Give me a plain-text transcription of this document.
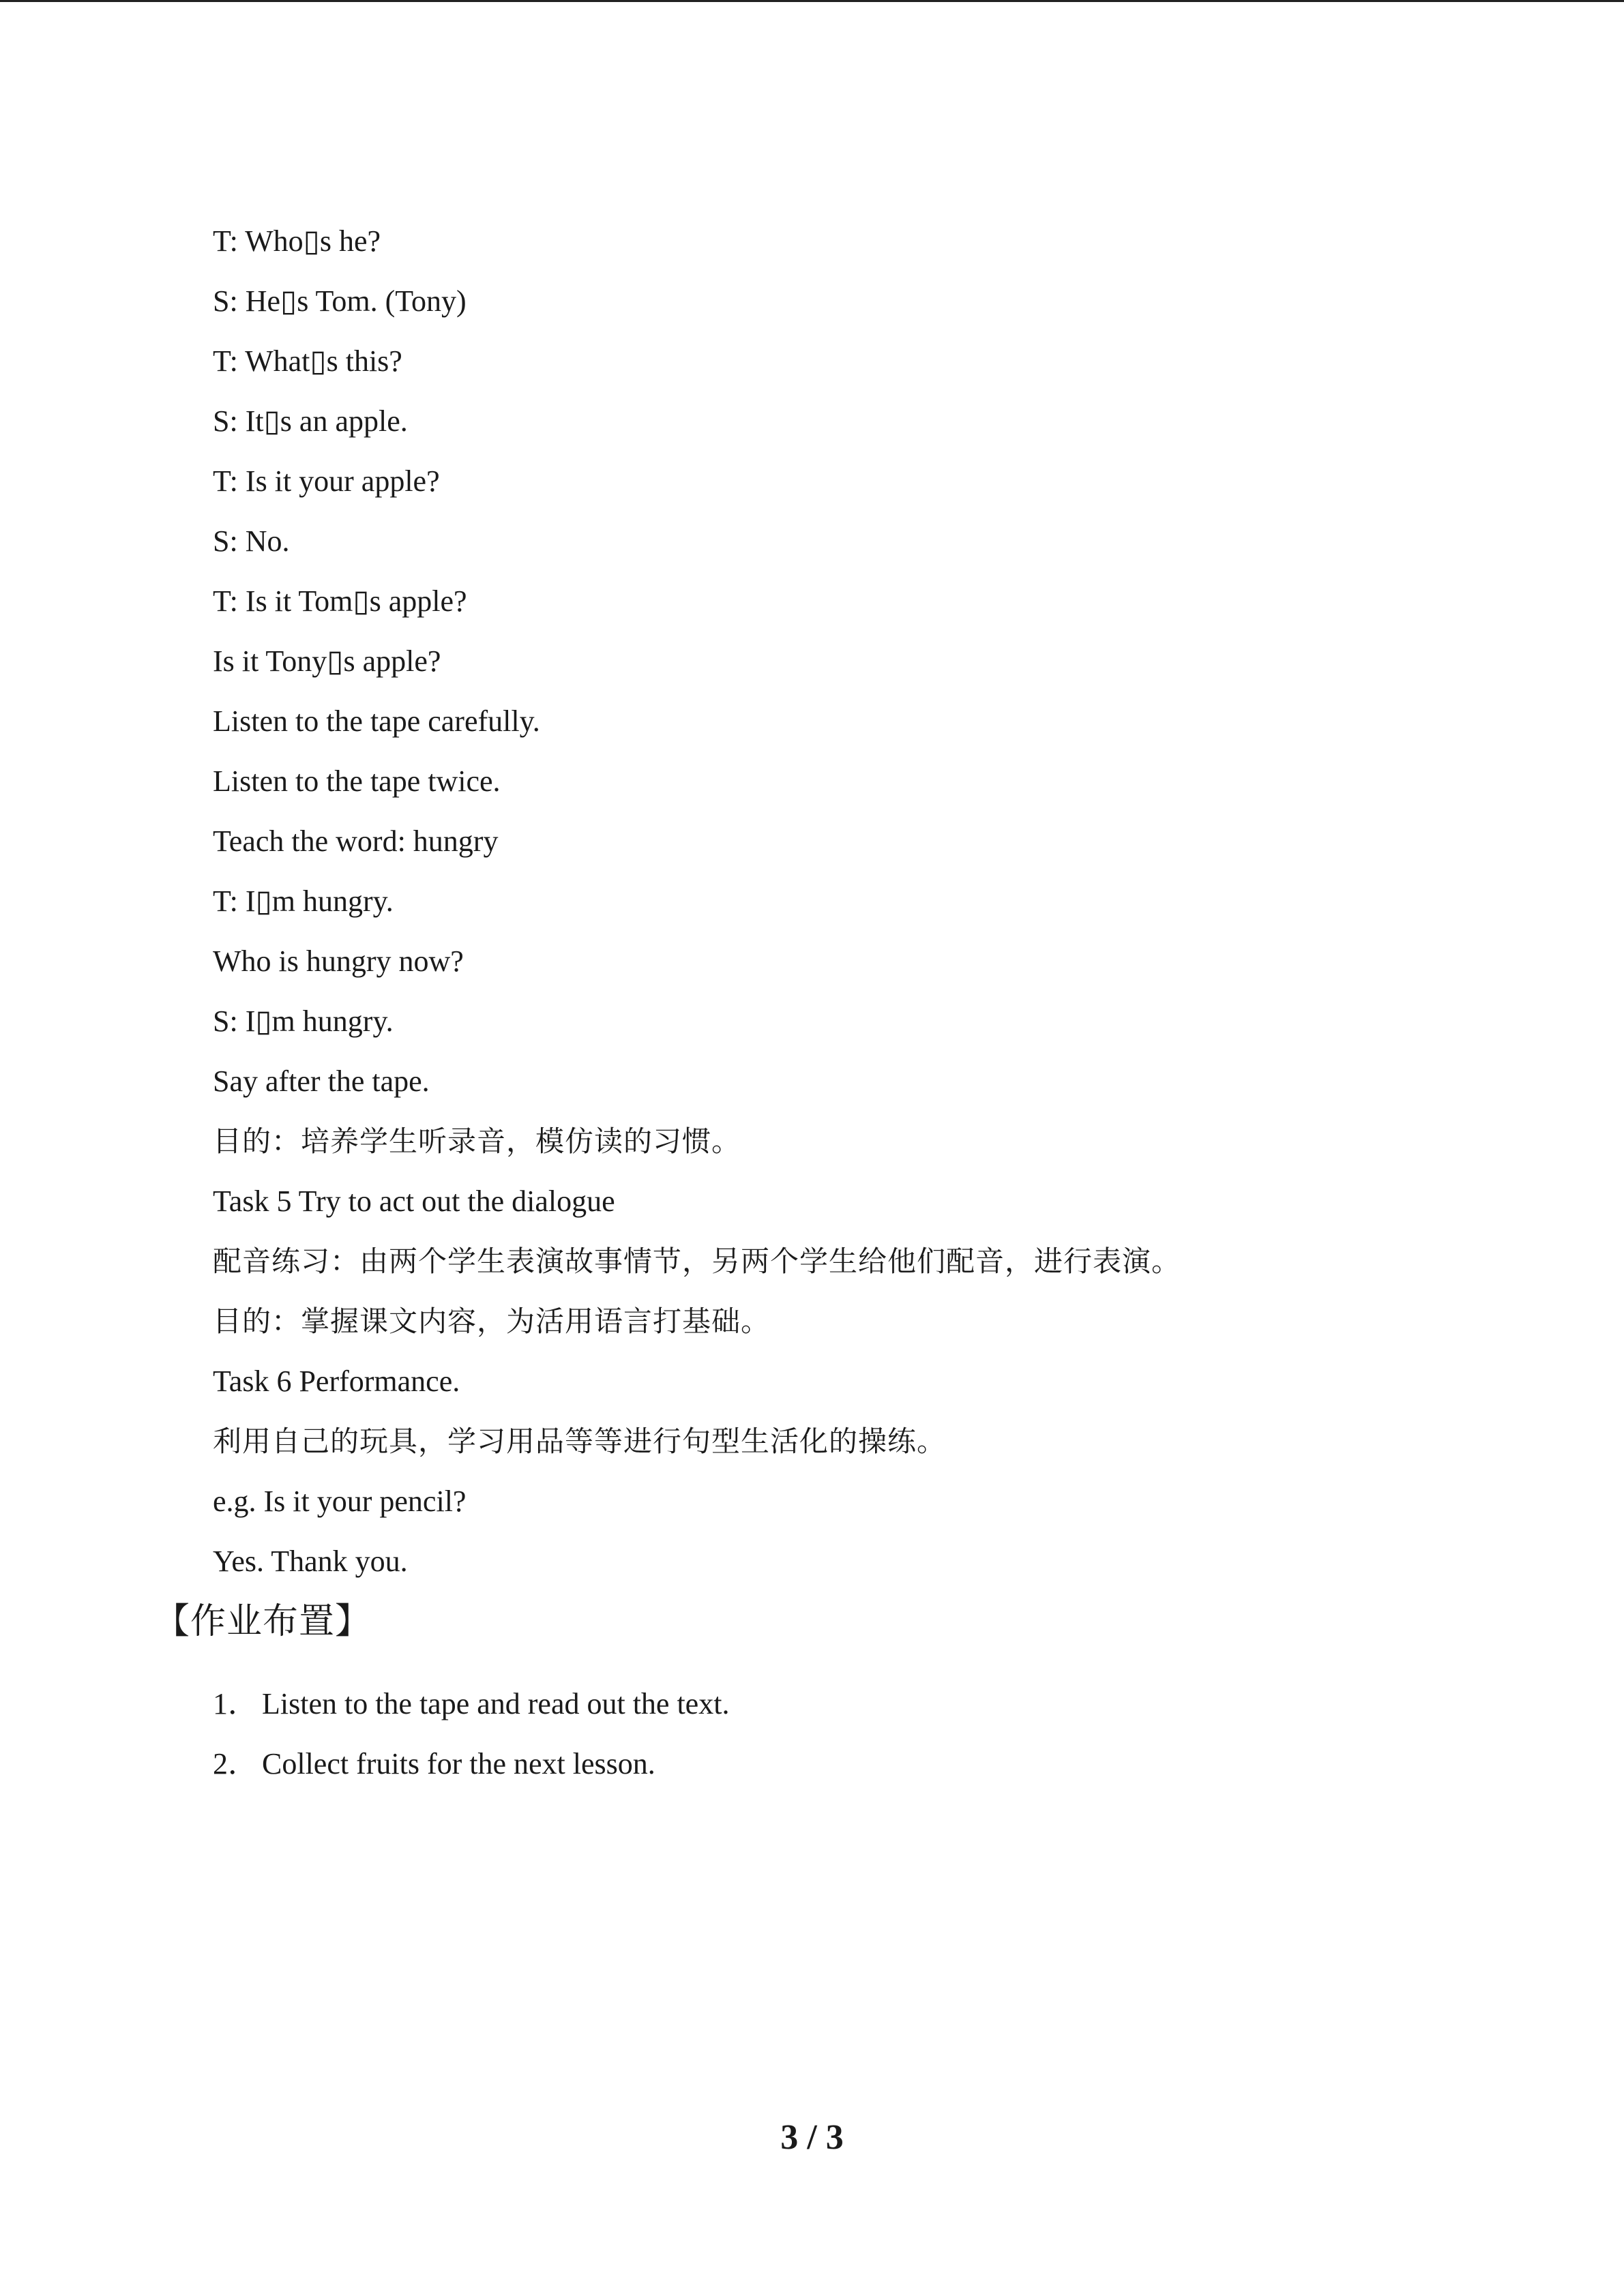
T: Who▯s he?
S: He▯s Tom. (Tony)
T: What▯s this?
S: It▯s an apple.
T: Is it your apple?
S: No.
T: Is it Tom▯s apple?
Is it Tony▯s apple?
Listen to the tape carefully.
Listen to the tape twice.
Teach the word: hungry
T: I▯m hungry.
Who is hungry now?
S: I▯m hungry.
Say after the tape.
目的：培养学生听录音，模仿读的习惯。
Task 5 Try to act out the dialogue
配音练习：由两个学生表演故事情节，另两个学生给他们配音，进行表演。
目的：掌握课文内容，为活用语言打基础。
Task 6 Performance.
利用自己的玩具，学习用品等等进行句型生活化的操练。
e.g. Is it your pencil?
Yes. Thank you.
【作业布置】
1． Listen to the tape and read out the text.
2． Collect fruits for the next lesson.
3 / 3
